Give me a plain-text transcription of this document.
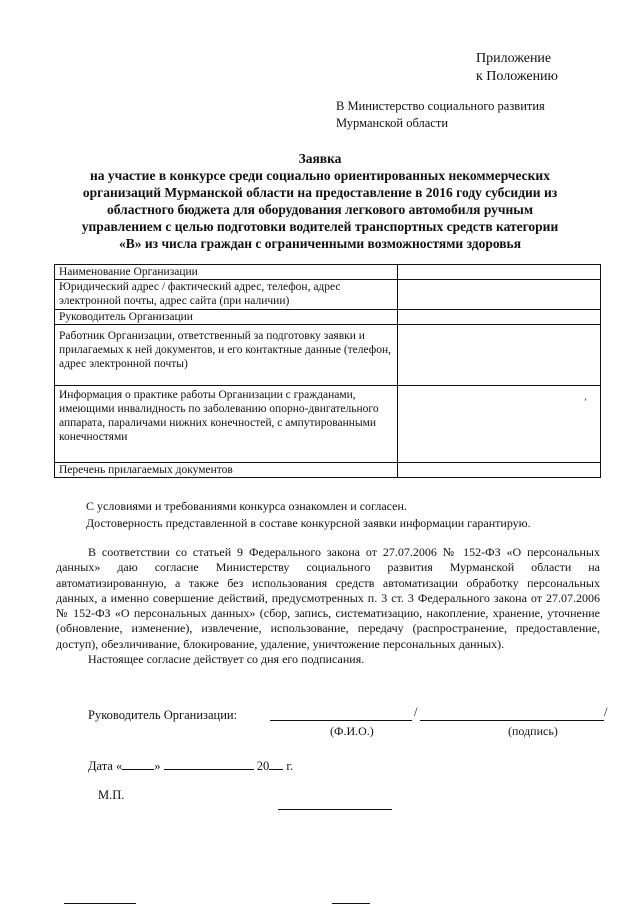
Приложение
к Положению
В Министерство социального развития
Мурманской области
Заявка
на участие в конкурсе среди социально ориентированных некоммерческих
организаций Мурманской области на предоставление в 2016 году субсидии из
областного бюджета для оборудования легкового автомобиля ручным
управлением с целью подготовки водителей транспортных средств категории
«В» из числа граждан с ограниченными возможностями здоровья
Наименование Организации	
Юридический адрес / фактический адрес, телефон, адрес электронной почты, адрес сайта (при наличии)	
Руководитель Организации	
Работник Организации, ответственный за подготовку заявки и прилагаемых к ней документов, и его контактные данные (телефон, адрес электронной почты)	
Информация о практике работы Организации с гражданами, имеющими инвалидность по заболеванию опорно-двигательного аппарата, параличами нижних конечностей, с ампутированными конечностями	
Перечень прилагаемых документов	
ʼ
С условиями и требованиями конкурса ознакомлен и согласен.
Достоверность представленной в составе конкурсной заявки информации гарантирую.

В соответствии со статьей 9 Федерального закона от 27.07.2006 № 152-ФЗ «О персональных данных» даю согласие Министерству социального развития Мурманской области на автоматизированную, а также без использования средств автоматизации обработку персональных данных, а именно совершение действий, предусмотренных п. 3 ст. 3 Федерального закона от 27.07.2006 № 152-ФЗ «О персональных данных» (сбор, запись, систематизацию, накопление, хранение, уточнение (обновление, изменение), извлечение, использование, передачу (распространение, предоставление, доступ), обезличивание, блокирование, удаление, уничтожение персональных данных).

Настоящее согласие действует со дня его подписания.

Руководитель Организации:	/	/
(Ф.И.О.)	(подпись)
Дата «	»	20 г.
М.П.
